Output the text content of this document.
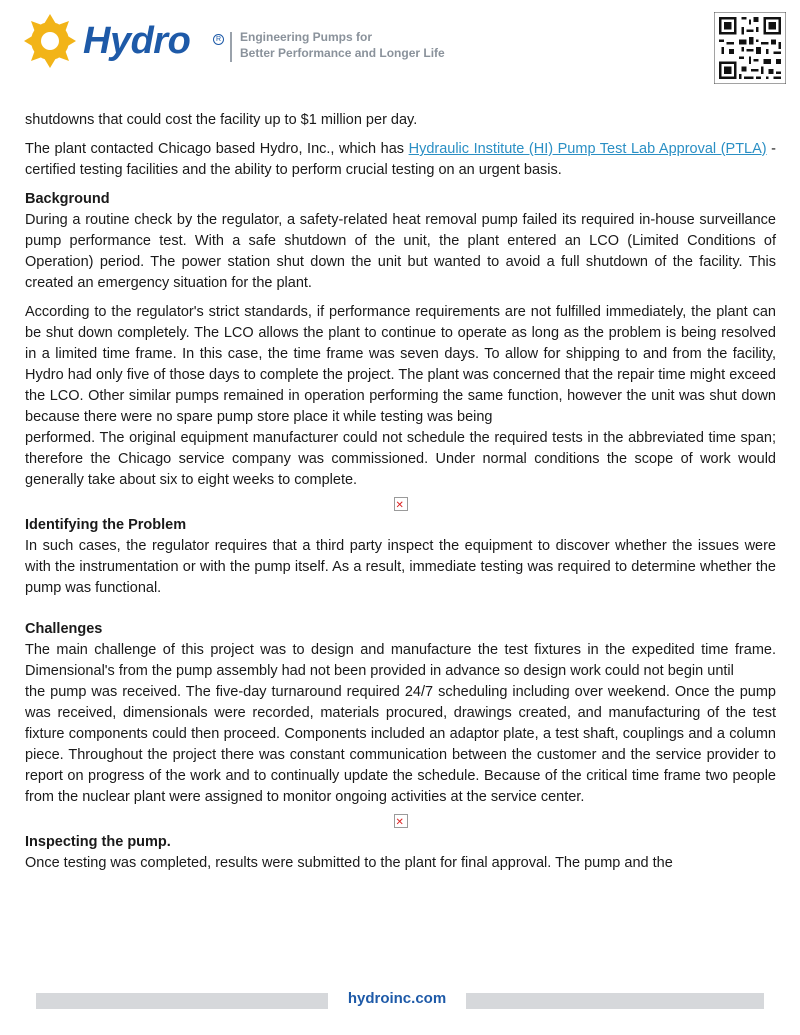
Hydro	R Engineering Pumps for
Better Performance and Longer Life

shutdowns that could cost the facility up to $1 million per day.

The plant contacted Chicago based Hydro, Inc., which has Hydraulic Institute (HI) Pump Test Lab Approval (PTLA) - certified testing facilities and the ability to perform crucial testing on an urgent basis.

Background

During a routine check by the regulator, a safety-related heat removal pump failed its required in-house surveillance pump performance test. With a safe shutdown of the unit, the plant entered an LCO (Limited Conditions of Operation) period. The power station shut down the unit but wanted to avoid a full shutdown of the facility. This created an emergency situation for the plant.

According to the regulator's strict standards, if performance requirements are not fulfilled immediately, the plant can be shut down completely. The LCO allows the plant to continue to operate as long as the problem is being resolved in a limited time frame. In this case, the time frame was seven days. To allow for shipping to and from the facility, Hydro had only five of those days to complete the project. The plant was concerned that the repair time might exceed the LCO. Other similar pumps remained in operation performing the same function, however the unit was shut down because there were no spare pump store place it while testing was being

performed. The original equipment manufacturer could not schedule the required tests in the abbreviated time span; therefore the Chicago service company was commissioned. Under normal conditions the scope of work would generally take about six to eight weeks to complete.

✕

Identifying the Problem

In such cases, the regulator requires that a third party inspect the equipment to discover whether the issues were with the instrumentation or with the pump itself. As a result, immediate testing was required to determine whether the pump was functional.

Challenges

The main challenge of this project was to design and manufacture the test fixtures in the expedited time frame. Dimensional's from the pump assembly had not been provided in advance so design work could not begin until

the pump was received. The five-day turnaround required 24/7 scheduling including over weekend. Once the pump was received, dimensionals were recorded, materials procured, drawings created, and manufacturing of the test fixture components could then proceed. Components included an adaptor plate, a test shaft, couplings and a column piece. Throughout the project there was constant communication between the customer and the service provider to report on progress of the work and to continually update the schedule. Because of the critical time frame two people from the nuclear plant were assigned to monitor ongoing activities at the service center.

✕

Inspecting the pump.

Once testing was completed, results were submitted to the plant for final approval. The pump and the

hydroinc.com
